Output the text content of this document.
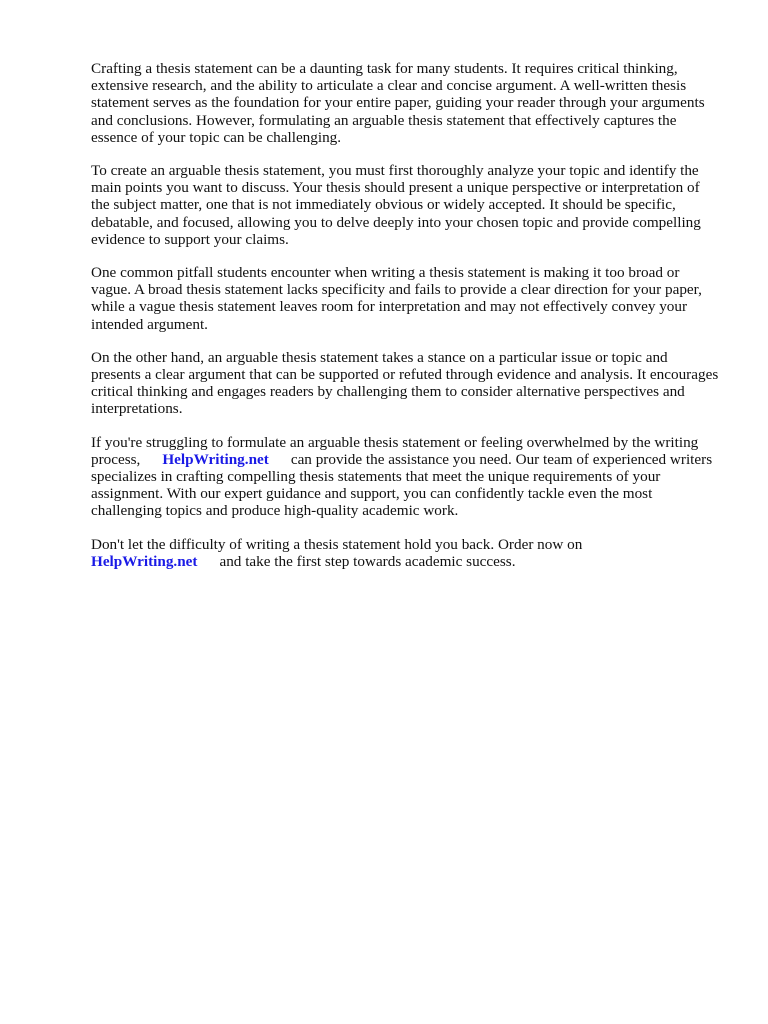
Crafting a thesis statement can be a daunting task for many students. It requires critical thinking, extensive research, and the ability to articulate a clear and concise argument. A well-written thesis statement serves as the foundation for your entire paper, guiding your reader through your arguments and conclusions. However, formulating an arguable thesis statement that effectively captures the essence of your topic can be challenging.

To create an arguable thesis statement, you must first thoroughly analyze your topic and identify the main points you want to discuss. Your thesis should present a unique perspective or interpretation of the subject matter, one that is not immediately obvious or widely accepted. It should be specific, debatable, and focused, allowing you to delve deeply into your chosen topic and provide compelling evidence to support your claims.

One common pitfall students encounter when writing a thesis statement is making it too broad or vague. A broad thesis statement lacks specificity and fails to provide a clear direction for your paper, while a vague thesis statement leaves room for interpretation and may not effectively convey your intended argument.

On the other hand, an arguable thesis statement takes a stance on a particular issue or topic and presents a clear argument that can be supported or refuted through evidence and analysis. It encourages critical thinking and engages readers by challenging them to consider alternative perspectives and interpretations.

If you're struggling to formulate an arguable thesis statement or feeling overwhelmed by the writing process, HelpWriting.net can provide the assistance you need. Our team of experienced writers specializes in crafting compelling thesis statements that meet the unique requirements of your assignment. With our expert guidance and support, you can confidently tackle even the most challenging topics and produce high-quality academic work.

Don't let the difficulty of writing a thesis statement hold you back. Order now on
HelpWriting.net and take the first step towards academic success.
